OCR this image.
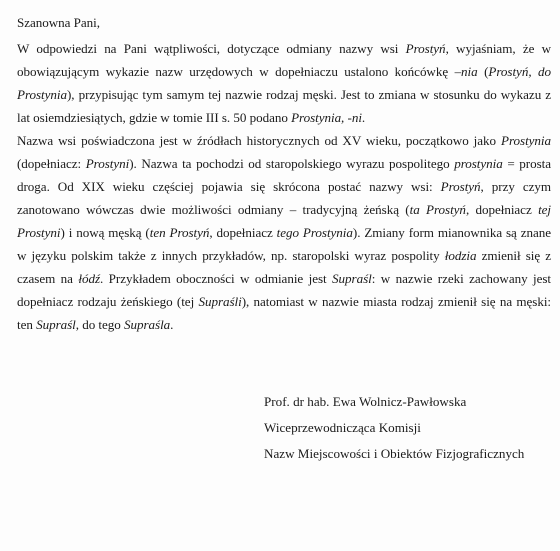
Szanowna Pani,

W odpowiedzi na Pani wątpliwości, dotyczące odmiany nazwy wsi Prostyń, wyjaśniam, że w obowiązującym wykazie nazw urzędowych w dopełniaczu ustalono końcówkę –nia (Prostyń, do Prostynia), przypisując tym samym tej nazwie rodzaj męski. Jest to zmiana w stosunku do wykazu z lat osiemdziesiątych, gdzie w tomie III s. 50 podano Prostynia, -ni.

Nazwa wsi poświadczona jest w źródłach historycznych od XV wieku, początkowo jako Prostynia (dopełniacz: Prostyni). Nazwa ta pochodzi od staropolskiego wyrazu pospolitego prostynia = prosta droga. Od XIX wieku częściej pojawia się skrócona postać nazwy wsi: Prostyń, przy czym zanotowano wówczas dwie możliwości odmiany – tradycyjną żeńską (ta Prostyń, dopełniacz tej Prostyni) i nową męską (ten Prostyń, dopełniacz tego Prostynia). Zmiany form mianownika są znane w języku polskim także z innych przykładów, np. staropolski wyraz pospolity łodzia zmienił się z czasem na łódź. Przykładem oboczności w odmianie jest Supraśl: w nazwie rzeki zachowany jest dopełniacz rodzaju żeńskiego (tej Supraśli), natomiast w nazwie miasta rodzaj zmienił się na męski: ten Supraśl, do tego Supraśla.

Prof. dr hab. Ewa Wolnicz-Pawłowska
Wiceprzewodnicząca Komisji
Nazw Miejscowości i Obiektów Fizjograficznych
